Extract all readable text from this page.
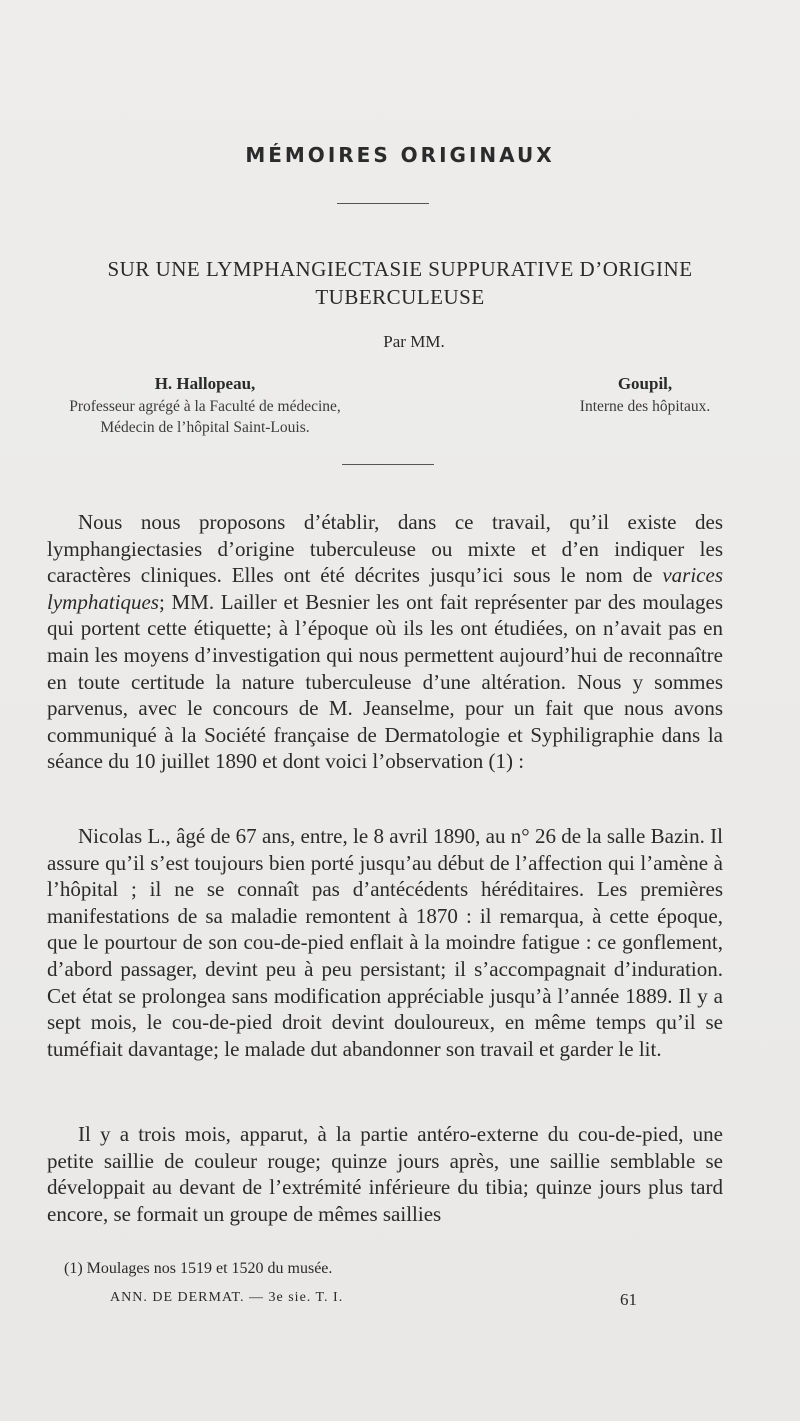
MÉMOIRES ORIGINAUX
SUR UNE LYMPHANGIECTASIE SUPPURATIVE D’ORIGINE TUBERCULEUSE
Par MM.
H. Hallopeau,
Professeur agrégé à la Faculté de médecine,
Médecin de l’hôpital Saint-Louis.
Goupil,
Interne des hôpitaux.

Nous nous proposons d’établir, dans ce travail, qu’il existe des lymphangiectasies d’origine tuberculeuse ou mixte et d’en indiquer les caractères cliniques. Elles ont été décrites jusqu’ici sous le nom de varices lymphatiques; MM. Lailler et Besnier les ont fait représenter par des moulages qui portent cette étiquette; à l’époque où ils les ont étudiées, on n’avait pas en main les moyens d’investigation qui nous permettent aujourd’hui de reconnaître en toute certitude la nature tuberculeuse d’une altération. Nous y sommes parvenus, avec le concours de M. Jeanselme, pour un fait que nous avons communiqué à la Société française de Dermatologie et Syphiligraphie dans la séance du 10 juillet 1890 et dont voici l’observation (1) :

Nicolas L., âgé de 67 ans, entre, le 8 avril 1890, au n° 26 de la salle Bazin. Il assure qu’il s’est toujours bien porté jusqu’au début de l’affection qui l’amène à l’hôpital ; il ne se connaît pas d’antécédents héréditaires. Les premières manifestations de sa maladie remontent à 1870 : il remarqua, à cette époque, que le pourtour de son cou-de-pied enflait à la moindre fatigue : ce gonflement, d’abord passager, devint peu à peu persistant; il s’accompagnait d’induration. Cet état se prolongea sans modification appréciable jusqu’à l’année 1889. Il y a sept mois, le cou-de-pied droit devint douloureux, en même temps qu’il se tuméfiait davantage; le malade dut abandonner son travail et garder le lit.

Il y a trois mois, apparut, à la partie antéro-externe du cou-de-pied, une petite saillie de couleur rouge; quinze jours après, une saillie semblable se développait au devant de l’extrémité inférieure du tibia; quinze jours plus tard encore, se formait un groupe de mêmes saillies

(1) Moulages nos 1519 et 1520 du musée.
ANN. DE DERMAT. — 3e sie. T. I.	61
